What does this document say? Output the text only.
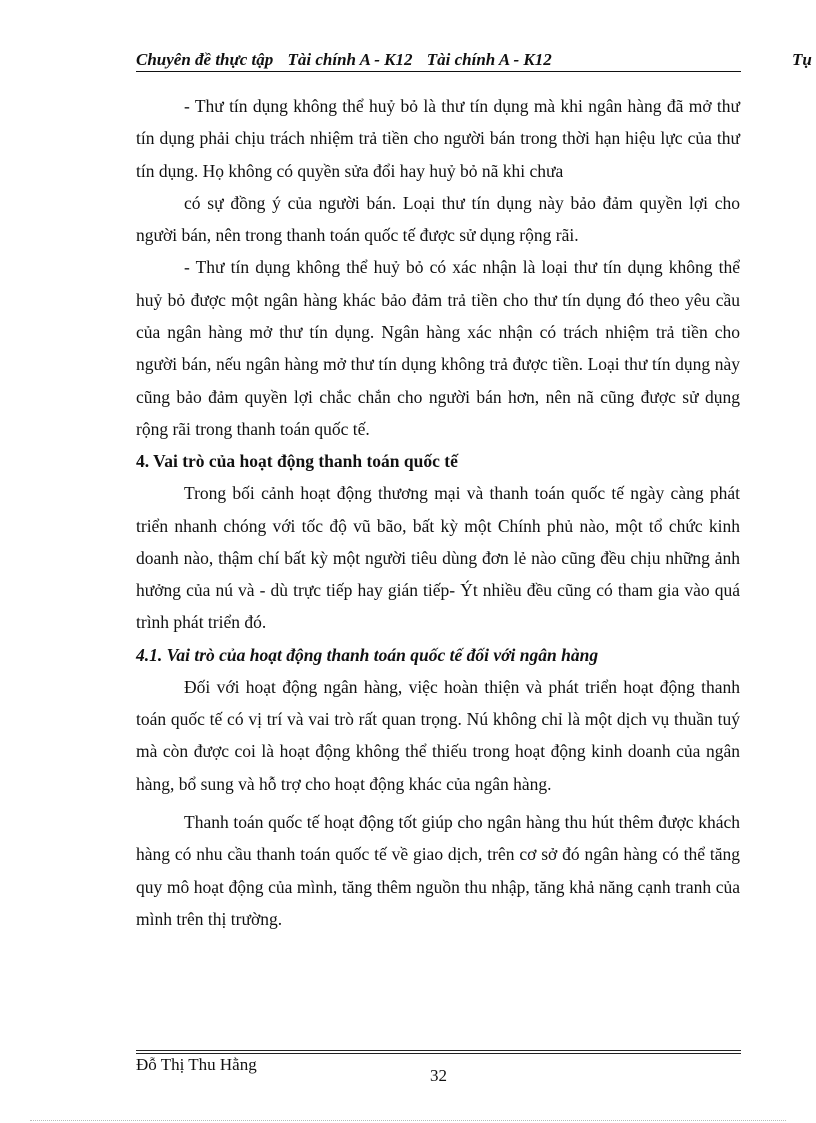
Chuyên đề thực tập Tài chính A - K12 Tài chính A - K12	Tụ

- Thư tín dụng không thể huỷ bỏ là thư tín dụng mà khi ngân hàng đã mở thư tín dụng phải chịu trách nhiệm trả tiền cho người bán trong thời hạn hiệu lực của thư tín dụng. Họ không có quyền sửa đổi hay huỷ bỏ nã khi chưa

có sự đồng ý của người bán. Loại thư tín dụng này bảo đảm quyền lợi cho người bán, nên trong thanh toán quốc tế được sử dụng rộng rãi.

- Thư tín dụng không thể huỷ bỏ có xác nhận là loại thư tín dụng không thể huỷ bỏ được một ngân hàng khác bảo đảm trả tiền cho thư tín dụng đó theo yêu cầu của ngân hàng mở thư tín dụng. Ngân hàng xác nhận có trách nhiệm trả tiền cho người bán, nếu ngân hàng mở thư tín dụng không trả được tiền. Loại thư tín dụng này cũng bảo đảm quyền lợi chắc chắn cho người bán hơn, nên nã cũng được sử dụng rộng rãi trong thanh toán quốc tế.

4. Vai trò của hoạt động thanh toán quốc tế

Trong bối cảnh hoạt động thương mại và thanh toán quốc tế ngày càng phát triển nhanh chóng với tốc độ vũ bão, bất kỳ một Chính phủ nào, một tổ chức kinh doanh nào, thậm chí bất kỳ một người tiêu dùng đơn lẻ nào cũng đều chịu những ảnh hưởng của nú và - dù trực tiếp hay gián tiếp- Ýt nhiều đều cũng có tham gia vào quá trình phát triển đó.

4.1. Vai trò của hoạt động thanh toán quốc tế đối với ngân hàng

Đối với hoạt động ngân hàng, việc hoàn thiện và phát triển hoạt động thanh toán quốc tế có vị trí và vai trò rất quan trọng. Nú không chỉ là một dịch vụ thuần tuý mà còn được coi là hoạt động không thể thiếu trong hoạt động kinh doanh của ngân hàng, bổ sung và hỗ trợ cho hoạt động khác của ngân hàng.

Thanh toán quốc tế hoạt động tốt giúp cho ngân hàng thu hút thêm được khách hàng có nhu cầu thanh toán quốc tế về giao dịch, trên cơ sở đó ngân hàng có thể tăng quy mô hoạt động của mình, tăng thêm nguồn thu nhập, tăng khả năng cạnh tranh của mình trên thị trường.

Đỗ Thị Thu Hằng
32
